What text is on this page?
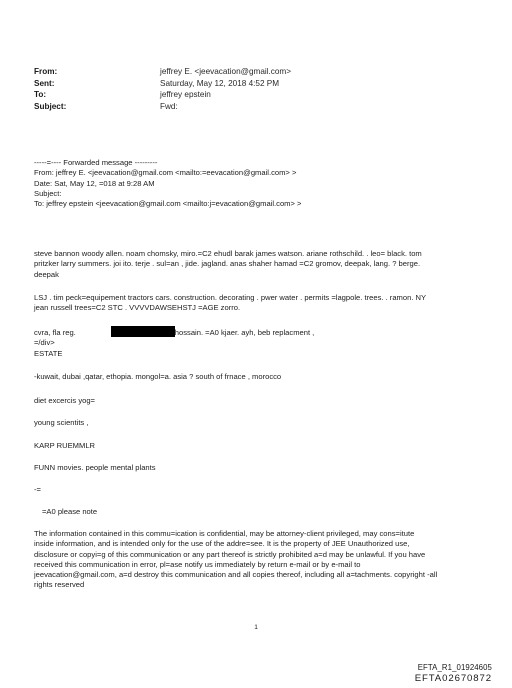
From:	jeffrey E. <jeevacation@gmail.com>
Sent:	Saturday, May 12, 2018 4:52 PM
To:	jeffrey epstein
Subject:	Fwd:
-----=---- Forwarded message ---------
From: jeffrey E. <jeevacation@gmail.com <mailto:=eevacation@gmail.com> >
Date: Sat, May 12, =018 at 9:28 AM
Subject:
To: jeffrey epstein <jeevacation@gmail.com <mailto:j=evacation@gmail.com> >
steve bannon woody allen. noam chomsky, miro.=C2 ehudl barak james watson. ariane rothschild. . leo= black. tom
pritzker larry summers. joi ito. terje . sul=an , jide. jagland. anas shaher hamad =C2 gromov, deepak, lang. ? berge.
deepak
LSJ . tim peck=equipement tractors cars. construction. decorating . pwer water . permits =lagpole. trees. . ramon. NY
jean russell trees=C2 STC . VVVVDAWSEHSTJ =AGE zorro.
cvra, fla reg.	hossain. =A0 kjaer. ayh, beb replacment ,
=/div>
ESTATE
-kuwait, dubai ,qatar, ethopia. mongol=a. asia ? south of frnace , morocco
diet excercis yog=
young scientits ,
KARP RUEMMLR
FUNN movies. people mental plants
-=
=A0 please note
The information contained in this commu=ication is confidential, may be attorney-client privileged, may cons=itute
inside information, and is intended only for the use of the addre=see. It is the property of JEE Unauthorized use,
disclosure or copyi=g of this communication or any part thereof is strictly prohibited a=d may be unlawful. If you have
received this communication in error, pl=ase notify us immediately by return e-mail or by e-mail to
jeevacation@gmail.com, a=d destroy this communication and all copies thereof, including all a=tachments. copyright -all
rights reserved
1
EFTA_R1_01924605
EFTA02670872
